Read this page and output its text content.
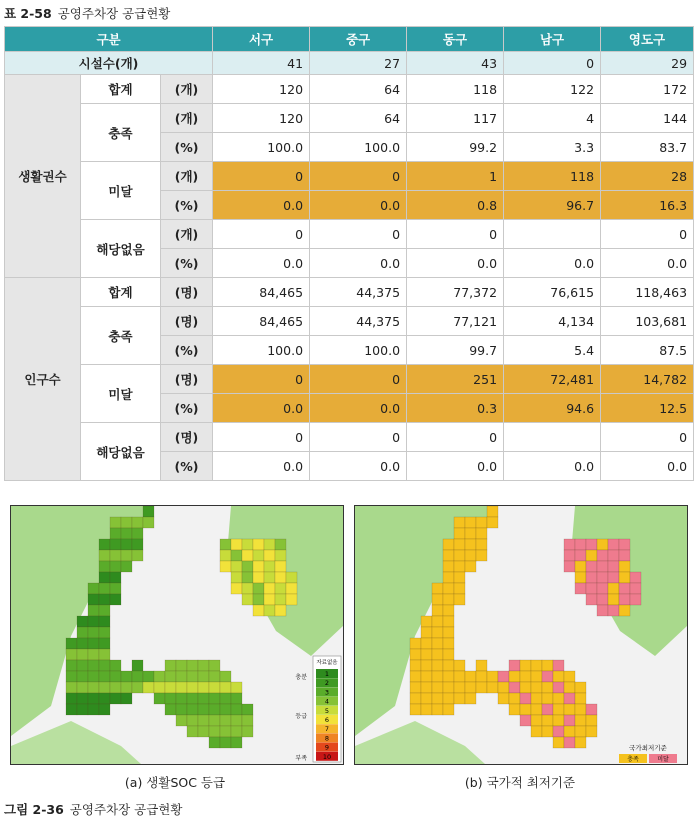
표 2-58 공영주차장 공급현황
구분			서구	중구	동구	남구	영도구
시설수(개)			41	27	43	0	29
생활권수	합계	(개)	120	64	118	122	172
	충족	(개)	120	64	117	4	144
		(%)	100.0	100.0	99.2	3.3	83.7
	미달	(개)	0	0	1	118	28
		(%)	0.0	0.0	0.8	96.7	16.3
	해당없음	(개)	0	0	0		0
		(%)	0.0	0.0	0.0	0.0	0.0
인구수	합계	(명)	84,465	44,375	77,372	76,615	118,463
	충족	(명)	84,465	44,375	77,121	4,134	103,681
		(%)	100.0	100.0	99.7	5.4	87.5
	미달	(명)	0	0	251	72,481	14,782
		(%)	0.0	0.0	0.3	94.6	12.5
	해당없음	(명)	0	0	0		0
		(%)	0.0	0.0	0.0	0.0	0.0
자료없음
1
2
3
4
5
6
7
8
9
10
충분
등급
부족
국가최저기준
충족	미달
(a) 생활SOC 등급	(b) 국가적 최저기준
그림 2-36 공영주차장 공급현황
